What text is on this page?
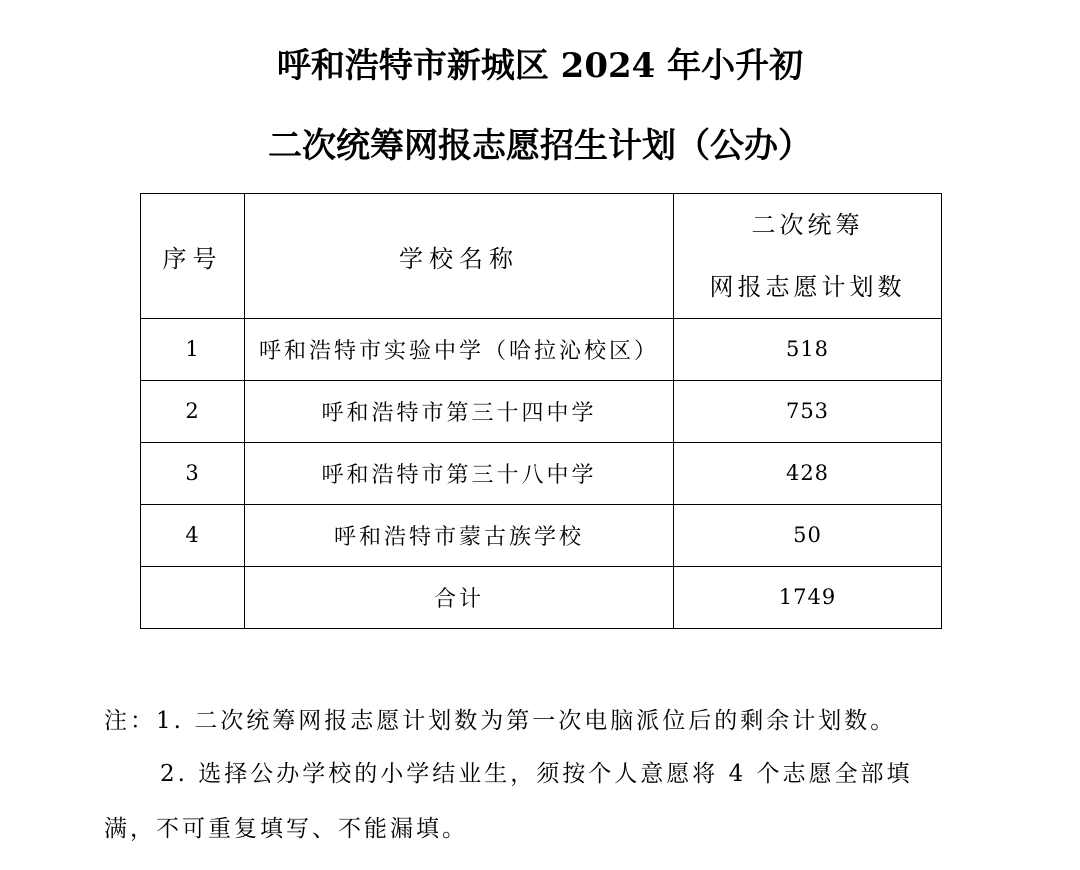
呼和浩特市新城区 2024 年小升初
二次统筹网报志愿招生计划（公办）
序号	学校名称	二次统筹
网报志愿计划数

1	呼和浩特市实验中学（哈拉沁校区）	518
2	呼和浩特市第三十四中学	753
3	呼和浩特市第三十八中学	428
4	呼和浩特市蒙古族学校	50
	合计	1749

注：1. 二次统筹网报志愿计划数为第一次电脑派位后的剩余计划数。

2. 选择公办学校的小学结业生，须按个人意愿将 4 个志愿全部填

满，不可重复填写、不能漏填。
